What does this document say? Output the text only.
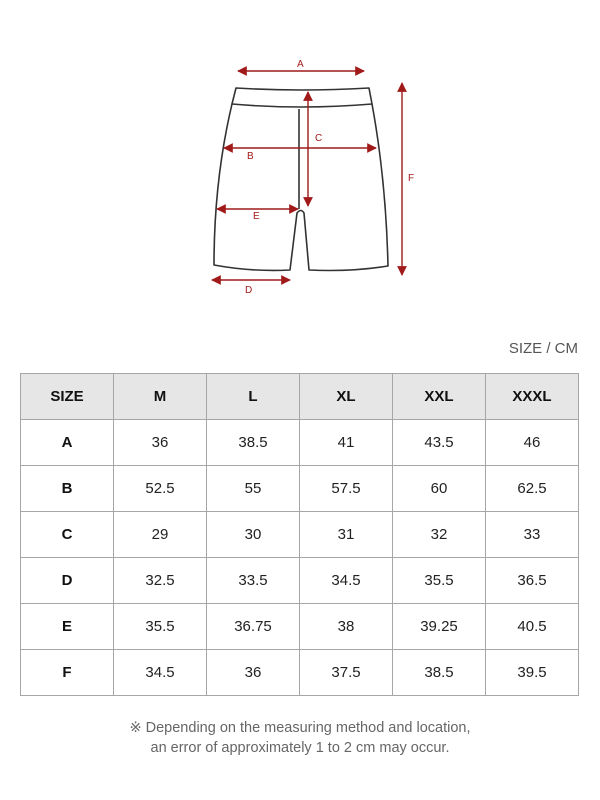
A
B
C
D
E
F
SIZE / CM
SIZE	M	L	XL	XXL	XXXL
A	36	38.5	41	43.5	46
B	52.5	55	57.5	60	62.5
C	29	30	31	32	33
D	32.5	33.5	34.5	35.5	36.5
E	35.5	36.75	38	39.25	40.5
F	34.5	36	37.5	38.5	39.5
※ Depending on the measuring method and location,
an error of approximately 1 to 2 cm may occur.
